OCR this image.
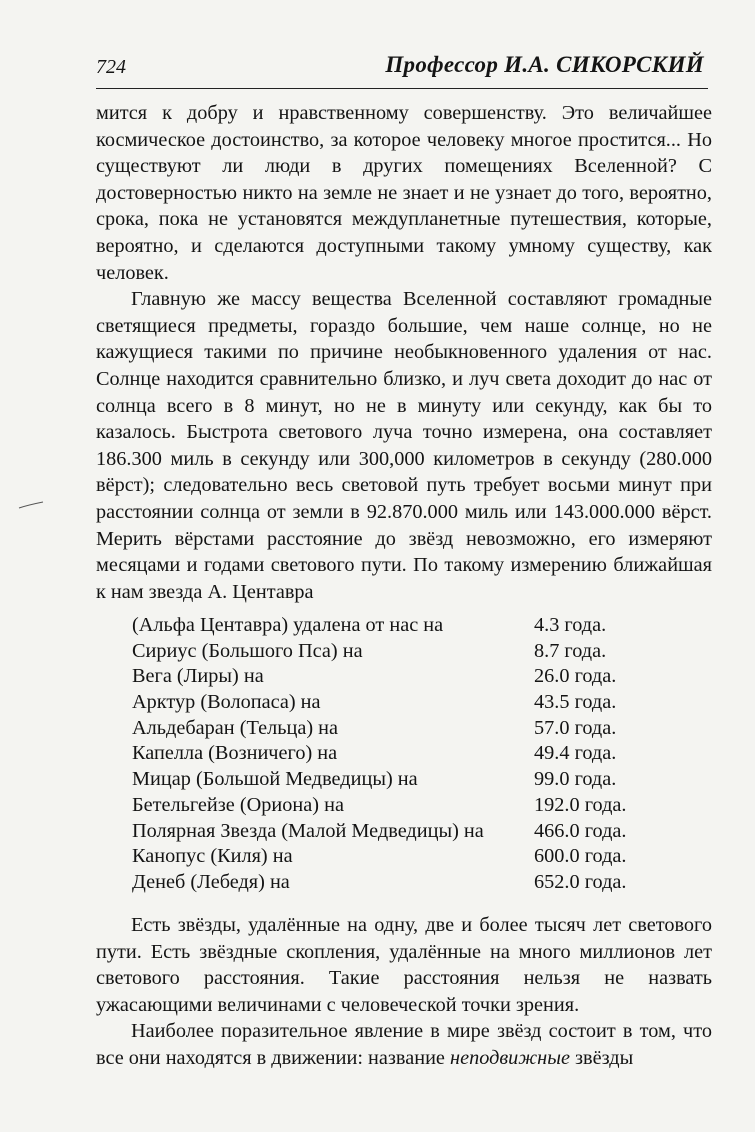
724	Профессор И.А. СИКОРСКИЙ

мится к добру и нравственному совершенству. Это величайшее космическое достоинство, за которое человеку многое простится... Но существуют ли люди в других помещениях Вселенной? С достоверностью никто на земле не знает и не узнает до того, вероятно, срока, пока не установятся междупланетные путешествия, которые, вероятно, и сделаются доступными такому умному существу, как человек.

Главную же массу вещества Вселенной составляют громадные светящиеся предметы, гораздо большие, чем наше солнце, но не кажущиеся такими по причине необыкновенного удаления от нас. Солнце находится сравнительно близко, и луч света доходит до нас от солнца всего в 8 минут, но не в минуту или секунду, как бы то казалось. Быстрота светового луча точно измерена, она составляет 186.300 миль в секунду или 300,000 километров в секунду (280.000 вёрст); следовательно весь световой путь требует восьми минут при расстоянии солнца от земли в 92.870.000 миль или 143.000.000 вёрст. Мерить вёрстами расстояние до звёзд невозможно, его измеряют месяцами и годами светового пути. По такому измерению ближайшая к нам звезда А. Центавра

(Альфа Центавра) удалена от нас на	4.3 года.
Сириус (Большого Пса) на	8.7 года.
Вега (Лиры) на	26.0 года.
Арктур (Волопаса) на	43.5 года.
Альдебаран (Тельца) на	57.0 года.
Капелла (Возничего) на	49.4 года.
Мицар (Большой Медведицы) на	99.0 года.
Бетельгейзе (Ориона) на	192.0 года.
Полярная Звезда (Малой Медведицы) на	466.0 года.
Канопус (Киля) на	600.0 года.
Денеб (Лебедя) на	652.0 года.

Есть звёзды, удалённые на одну, две и более тысяч лет светового пути. Есть звёздные скопления, удалённые на много миллионов лет светового расстояния. Такие расстояния нельзя не назвать ужасающими величинами с человеческой точки зрения.

Наиболее поразительное явление в мире звёзд состоит в том, что все они находятся в движении: название неподвижные звёзды
